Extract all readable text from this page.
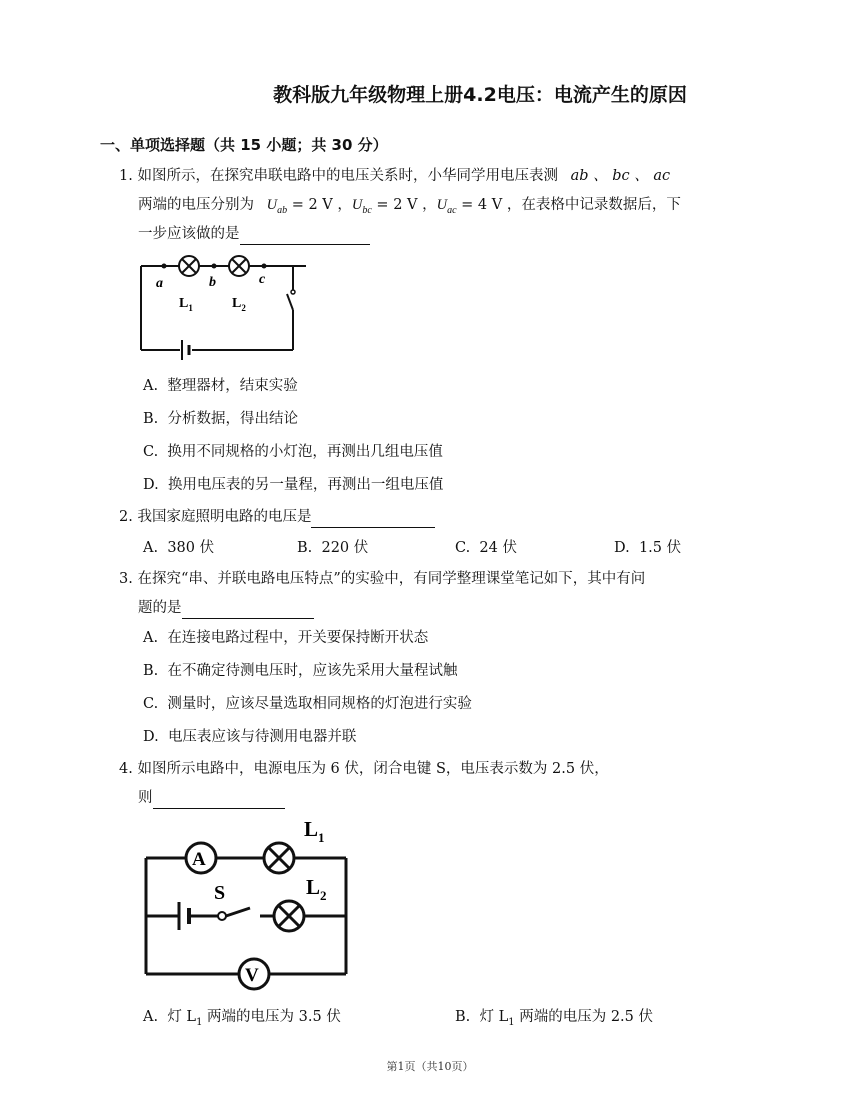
教科版九年级物理上册4.2电压：电流产生的原因
一、单项选择题（共 15 小题；共 30 分）
1. 如图所示，在探究串联电路中的电压关系时，小华同学用电压表测 ab 、 bc 、 ac
两端的电压分别为 $U_{ab} = 2$ V ，$U_{bc} = 2$ V ，$U_{ac} = 4$ V ，在表格中记录数据后，下
一步应该做的是
a	b	c
$L_1$	$L_2$
A. 整理器材，结束实验
B. 分析数据，得出结论
C. 换用不同规格的小灯泡，再测出几组电压值
D. 换用电压表的另一量程，再测出一组电压值
2. 我国家庭照明电路的电压是
A. 380 伏	B. 220 伏	C. 24 伏	D. 1.5 伏
3. 在探究“串、并联电路电压特点”的实验中，有同学整理课堂笔记如下，其中有问
题的是
A. 在连接电路过程中，开关要保持断开状态
B. 在不确定待测电压时，应该先采用大量程试触
C. 测量时，应该尽量选取相同规格的灯泡进行实验
D. 电压表应该与待测用电器并联
4. 如图所示电路中，电源电压为 6 伏，闭合电键 S，电压表示数为 2.5 伏，
则
A
V
S
$L_1$
$L_2$
A. 灯 $L_1$ 两端的电压为 3.5 伏	B. 灯 $L_1$ 两端的电压为 2.5 伏
第1页（共10页）
